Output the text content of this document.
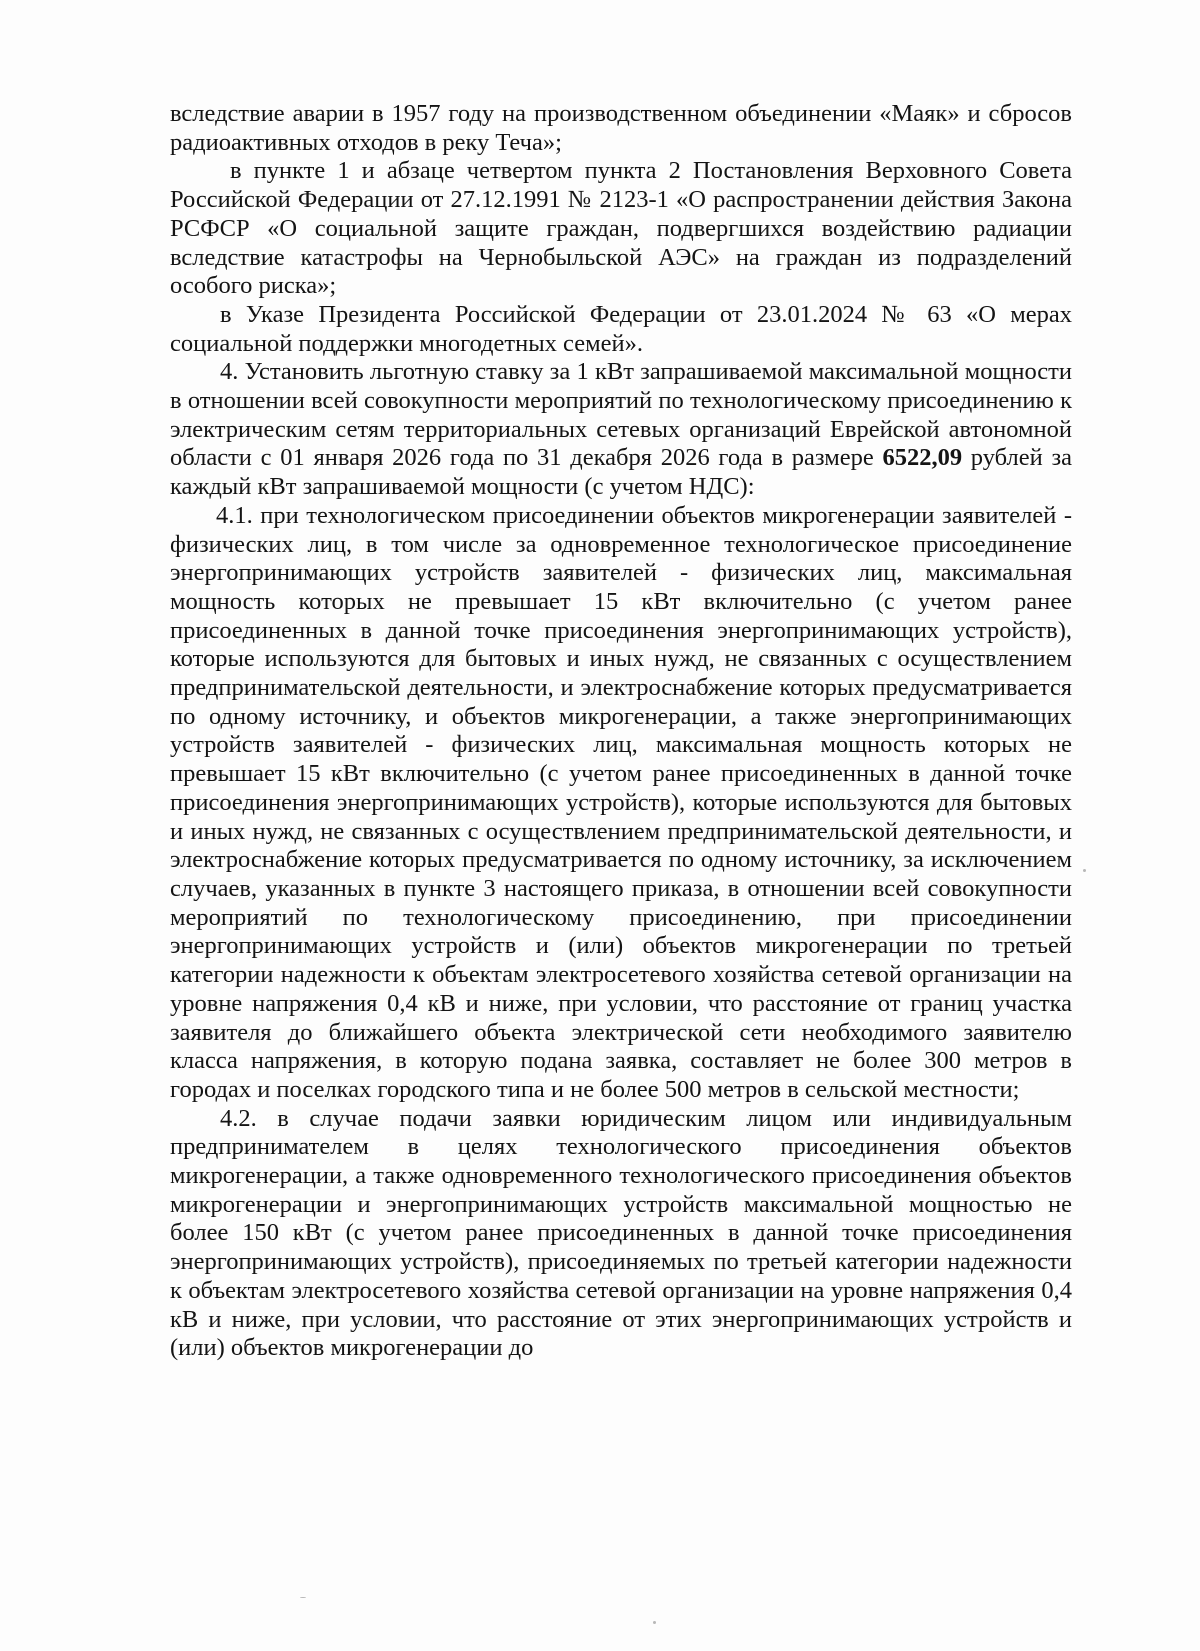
вследствие аварии в 1957 году на производственном объединении «Маяк» и сбросов радиоактивных отходов в реку Теча»;

в пункте 1 и абзаце четвертом пункта 2 Постановления Верховного Совета Российской Федерации от 27.12.1991 № 2123-1 «О распространении действия Закона РСФСР «О социальной защите граждан, подвергшихся воздействию радиации вследствие катастрофы на Чернобыльской АЭС» на граждан из подразделений особого риска»;

в Указе Президента Российской Федерации от 23.01.2024 № 63 «О мерах социальной поддержки многодетных семей».

4. Установить льготную ставку за 1 кВт запрашиваемой максимальной мощности в отношении всей совокупности мероприятий по технологическому присоединению к электрическим сетям территориальных сетевых организаций Еврейской автономной области с 01 января 2026 года по 31 декабря 2026 года в размере 6522,09 рублей за каждый кВт запрашиваемой мощности (с учетом НДС):

4.1. при технологическом присоединении объектов микрогенерации заявителей - физических лиц, в том числе за одновременное технологическое присоединение энергопринимающих устройств заявителей - физических лиц, максимальная мощность которых не превышает 15 кВт включительно (с учетом ранее присоединенных в данной точке присоединения энергопринимающих устройств), которые используются для бытовых и иных нужд, не связанных с осуществлением предпринимательской деятельности, и электроснабжение которых предусматривается по одному источнику, и объектов микрогенерации, а также энергопринимающих устройств заявителей - физических лиц, максимальная мощность которых не превышает 15 кВт включительно (с учетом ранее присоединенных в данной точке присоединения энергопринимающих устройств), которые используются для бытовых и иных нужд, не связанных с осуществлением предпринимательской деятельности, и электроснабжение которых предусматривается по одному источнику, за исключением случаев, указанных в пункте 3 настоящего приказа, в отношении всей совокупности мероприятий по технологическому присоединению, при присоединении энергопринимающих устройств и (или) объектов микрогенерации по третьей категории надежности к объектам электросетевого хозяйства сетевой организации на уровне напряжения 0,4 кВ и ниже, при условии, что расстояние от границ участка заявителя до ближайшего объекта электрической сети необходимого заявителю класса напряжения, в которую подана заявка, составляет не более 300 метров в городах и поселках городского типа и не более 500 метров в сельской местности;

4.2. в случае подачи заявки юридическим лицом или индивидуальным предпринимателем в целях технологического присоединения объектов микрогенерации, а также одновременного технологического присоединения объектов микрогенерации и энергопринимающих устройств максимальной мощностью не более 150 кВт (с учетом ранее присоединенных в данной точке присоединения энергопринимающих устройств), присоединяемых по третьей категории надежности к объектам электросетевого хозяйства сетевой организации на уровне напряжения 0,4 кВ и ниже, при условии, что расстояние от этих энергопринимающих устройств и (или) объектов микрогенерации до
